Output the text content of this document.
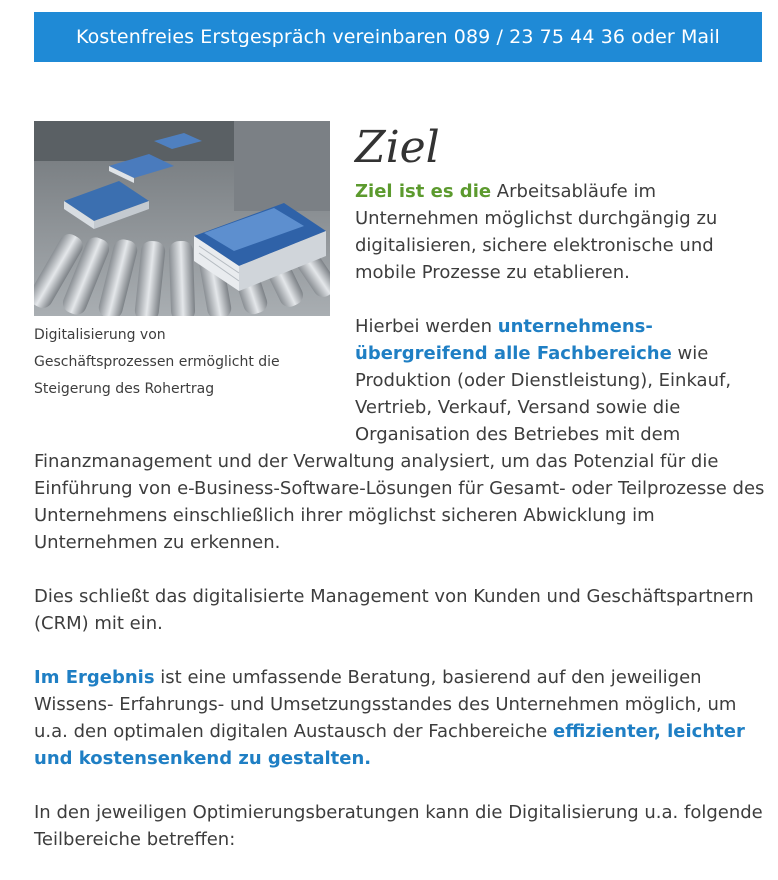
Kostenfreies Erstgespräch vereinbaren 089 / 23 75 44 36 oder Mail
Digitalisierung von
Geschäftsprozessen ermöglicht die
Steigerung des Rohertrag
Ziel

Ziel ist es die Arbeitsabläufe im Unternehmen möglichst durchgängig zu digitalisieren, sichere elektronische und mobile Prozesse zu etablieren.

Hierbei werden unternehmens-übergreifend alle Fachbereiche wie Produktion (oder Dienstleistung), Einkauf, Vertrieb, Verkauf, Versand sowie die Organisation des Betriebes mit dem Finanzmanagement und der Verwaltung analysiert, um das Potenzial für die Einführung von e-Business-Software-Lösungen für Gesamt- oder Teilprozesse des Unternehmens einschließlich ihrer möglichst sicheren Abwicklung im Unternehmen zu erkennen.

Dies schließt das digitalisierte Management von Kunden und Geschäftspartnern (CRM) mit ein.

Im Ergebnis ist eine umfassende Beratung, basierend auf den jeweiligen Wissens- Erfahrungs- und Umsetzungsstandes des Unternehmen möglich, um u.a. den optimalen digitalen Austausch der Fachbereiche effizienter, leichter und kostensenkend zu gestalten.

In den jeweiligen Optimierungsberatungen kann die Digitalisierung u.a. folgende Teilbereiche betreffen:
